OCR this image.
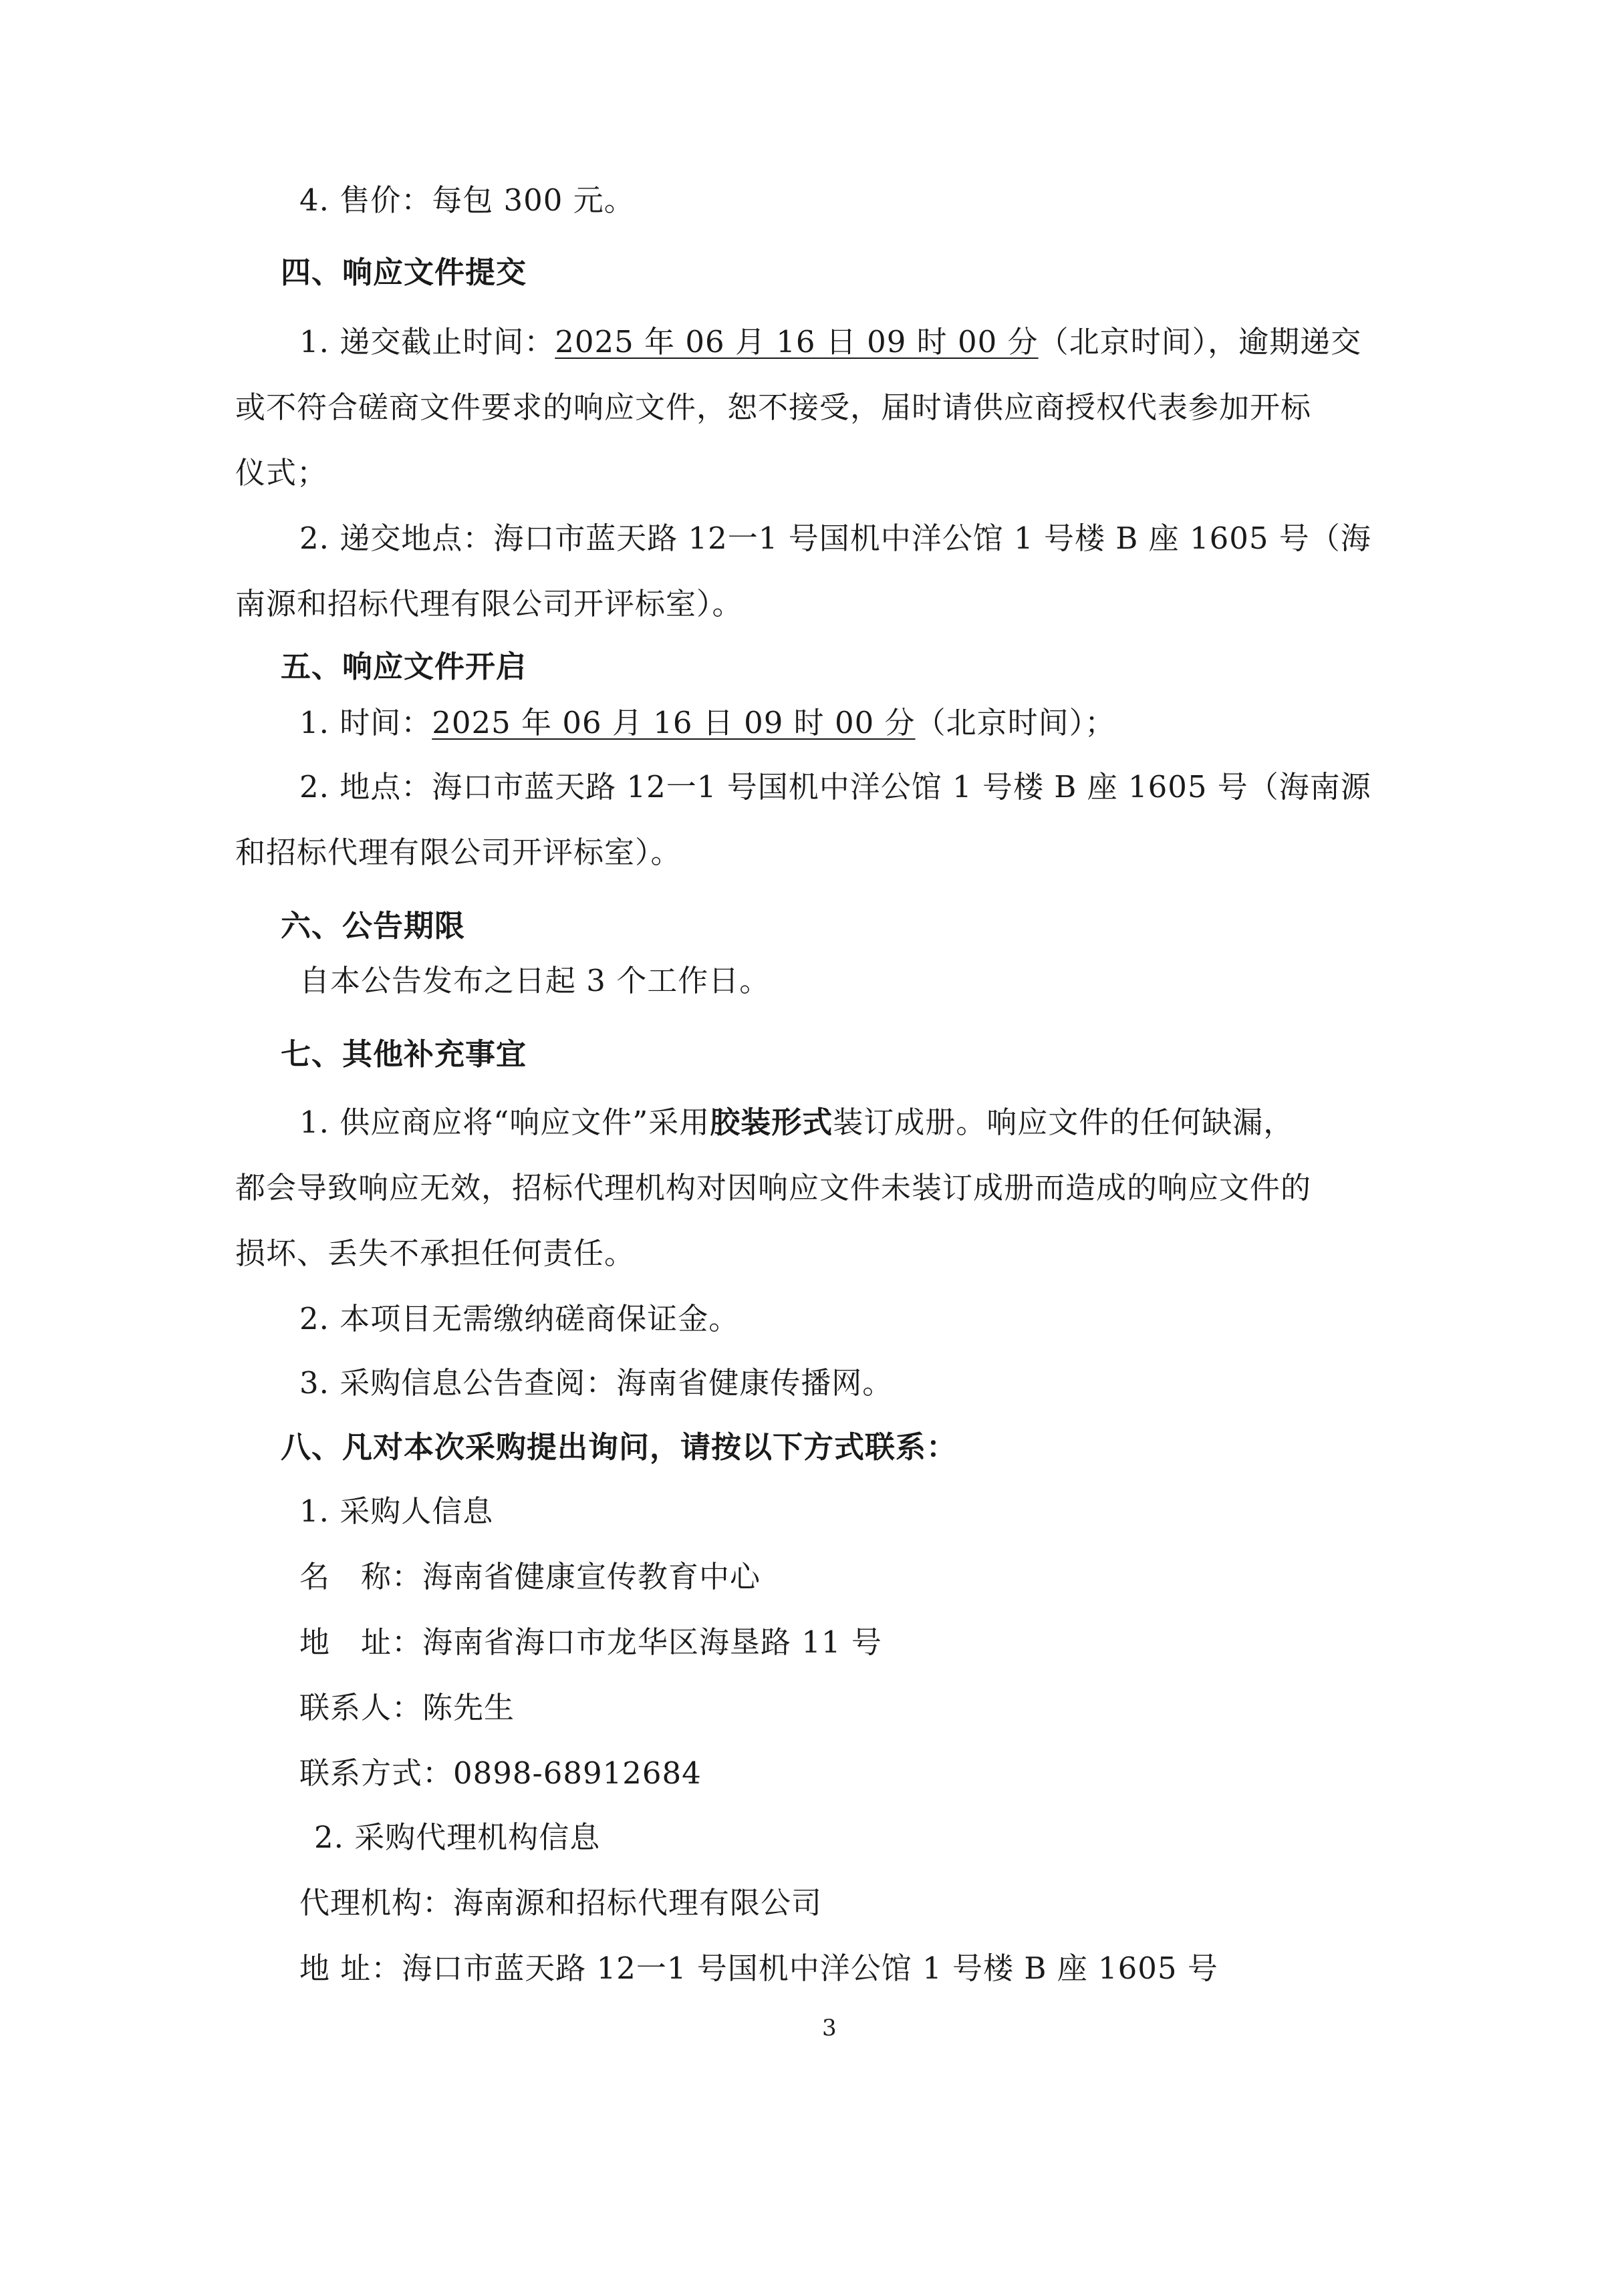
4. 售价：每包 300 元。
四、响应文件提交
1. 递交截止时间：2025 年 06 月 16 日 09 时 00 分（北京时间），逾期递交
或不符合磋商文件要求的响应文件，恕不接受，届时请供应商授权代表参加开标
仪式；
2. 递交地点：海口市蓝天路 12一1 号国机中洋公馆 1 号楼 B 座 1605 号（海
南源和招标代理有限公司开评标室）。
五、响应文件开启
1. 时间：2025 年 06 月 16 日 09 时 00 分（北京时间）；
2. 地点：海口市蓝天路 12一1 号国机中洋公馆 1 号楼 B 座 1605 号（海南源
和招标代理有限公司开评标室）。
六、公告期限
自本公告发布之日起 3 个工作日。
七、其他补充事宜
1. 供应商应将“响应文件”采用胶装形式装订成册。响应文件的任何缺漏，
都会导致响应无效，招标代理机构对因响应文件未装订成册而造成的响应文件的
损坏、丢失不承担任何责任。
2. 本项目无需缴纳磋商保证金。
3. 采购信息公告查阅：海南省健康传播网。
八、凡对本次采购提出询问，请按以下方式联系：
1. 采购人信息
名　称：海南省健康宣传教育中心
地　址：海南省海口市龙华区海垦路 11 号
联系人：陈先生
联系方式：0898-68912684
2. 采购代理机构信息
代理机构：海南源和招标代理有限公司
地 址：海口市蓝天路 12一1 号国机中洋公馆 1 号楼 B 座 1605 号
3
